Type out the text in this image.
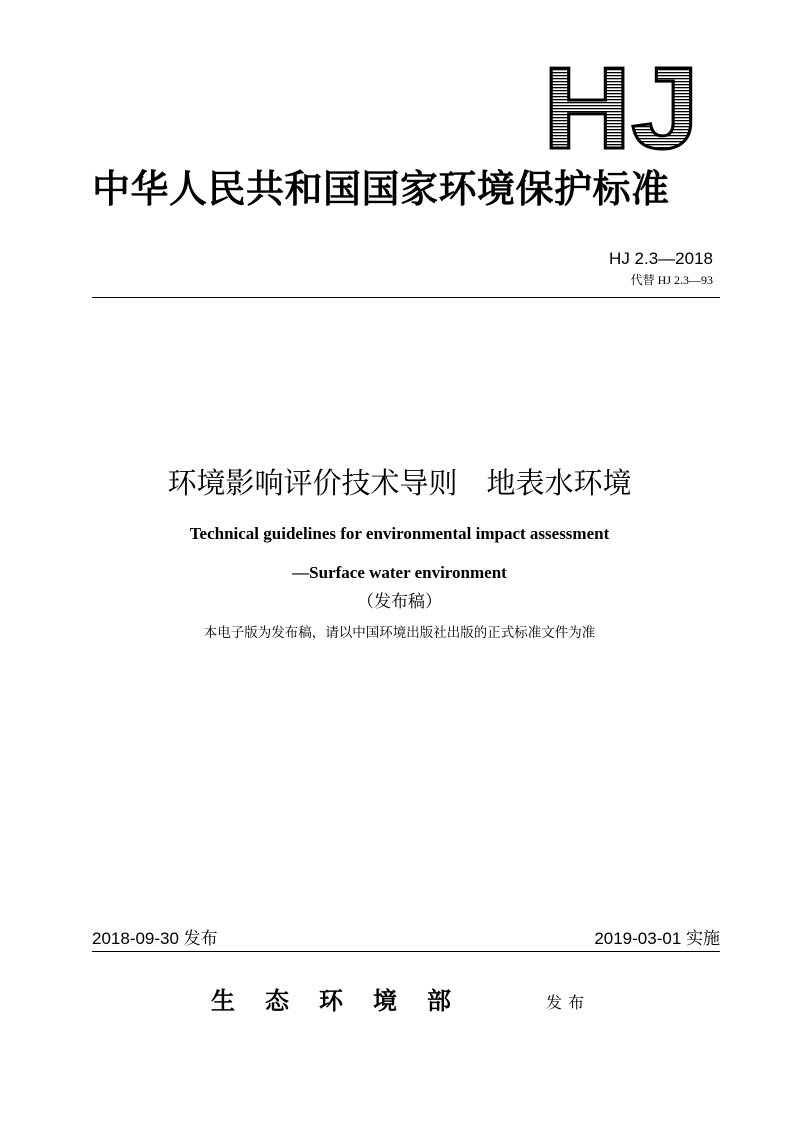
HJ
中华人民共和国国家环境保护标准
HJ 2.3—2018
代替 HJ 2.3—93
环境影响评价技术导则　地表水环境
Technical guidelines for environmental impact assessment
—Surface water environment
（发布稿）
本电子版为发布稿，请以中国环境出版社出版的正式标准文件为准
2018-09-30 发布	2019-03-01 实施
生态环境部	发布
